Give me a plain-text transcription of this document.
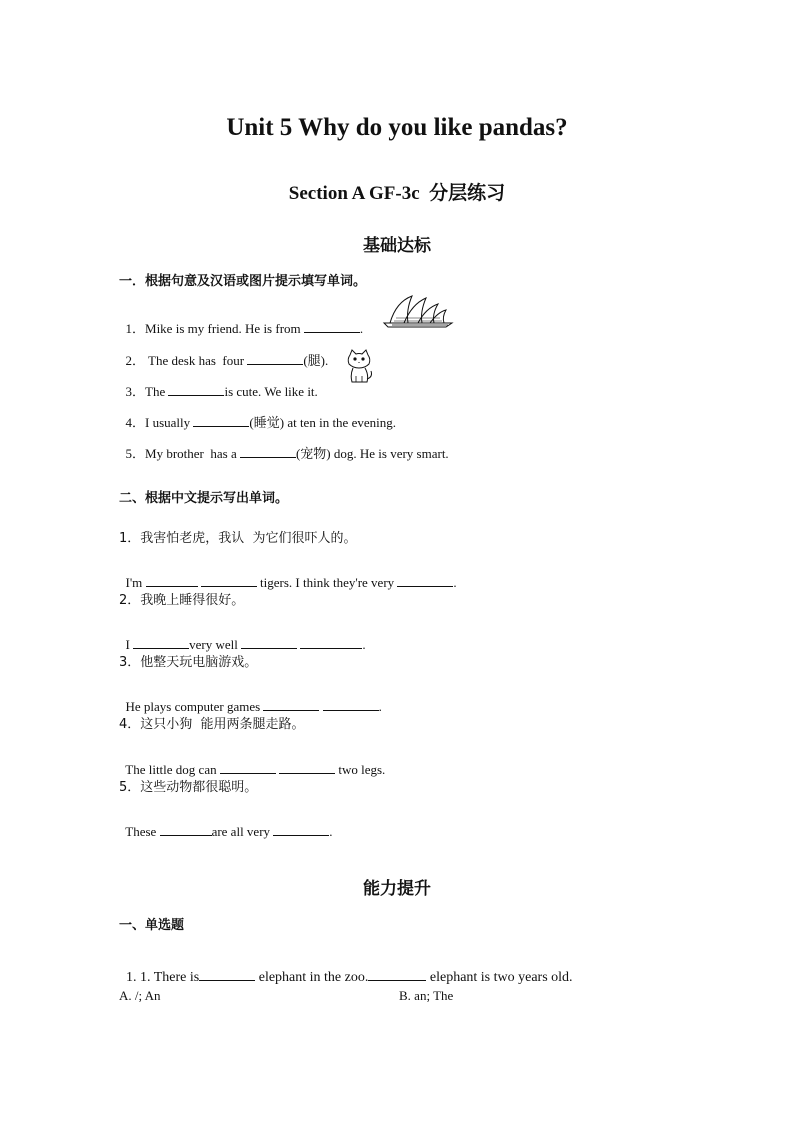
Unit 5 Why do you like pandas?
Section A GF-3c  分层练习
基础达标
一．根据句意及汉语或图片提示填写单词。

1．Mike is my friend. He is from	.

2． The desk has  four	(腿).

3．The	is cute. We like it.

4．I usually	(睡觉) at ten in the evening.

5．My brother  has a	(宠物) dog. He is very smart.

二、根据中文提示写出单词。
1．我害怕老虎，我认  为它们很吓人的。

I'm	tigers. I think they're very	.

2．我晚上睡得很好。

I	very well	.

3．他整天玩电脑游戏。

He plays computer games	.

4．这只小狗  能用两条腿走路。

The little dog can	two legs.

5．这些动物都很聪明。

These	are all very	.

能力提升
一、单选题

1. 1. There is	elephant in the zoo.	elephant is two years old.

A. /; An	B. an; The
